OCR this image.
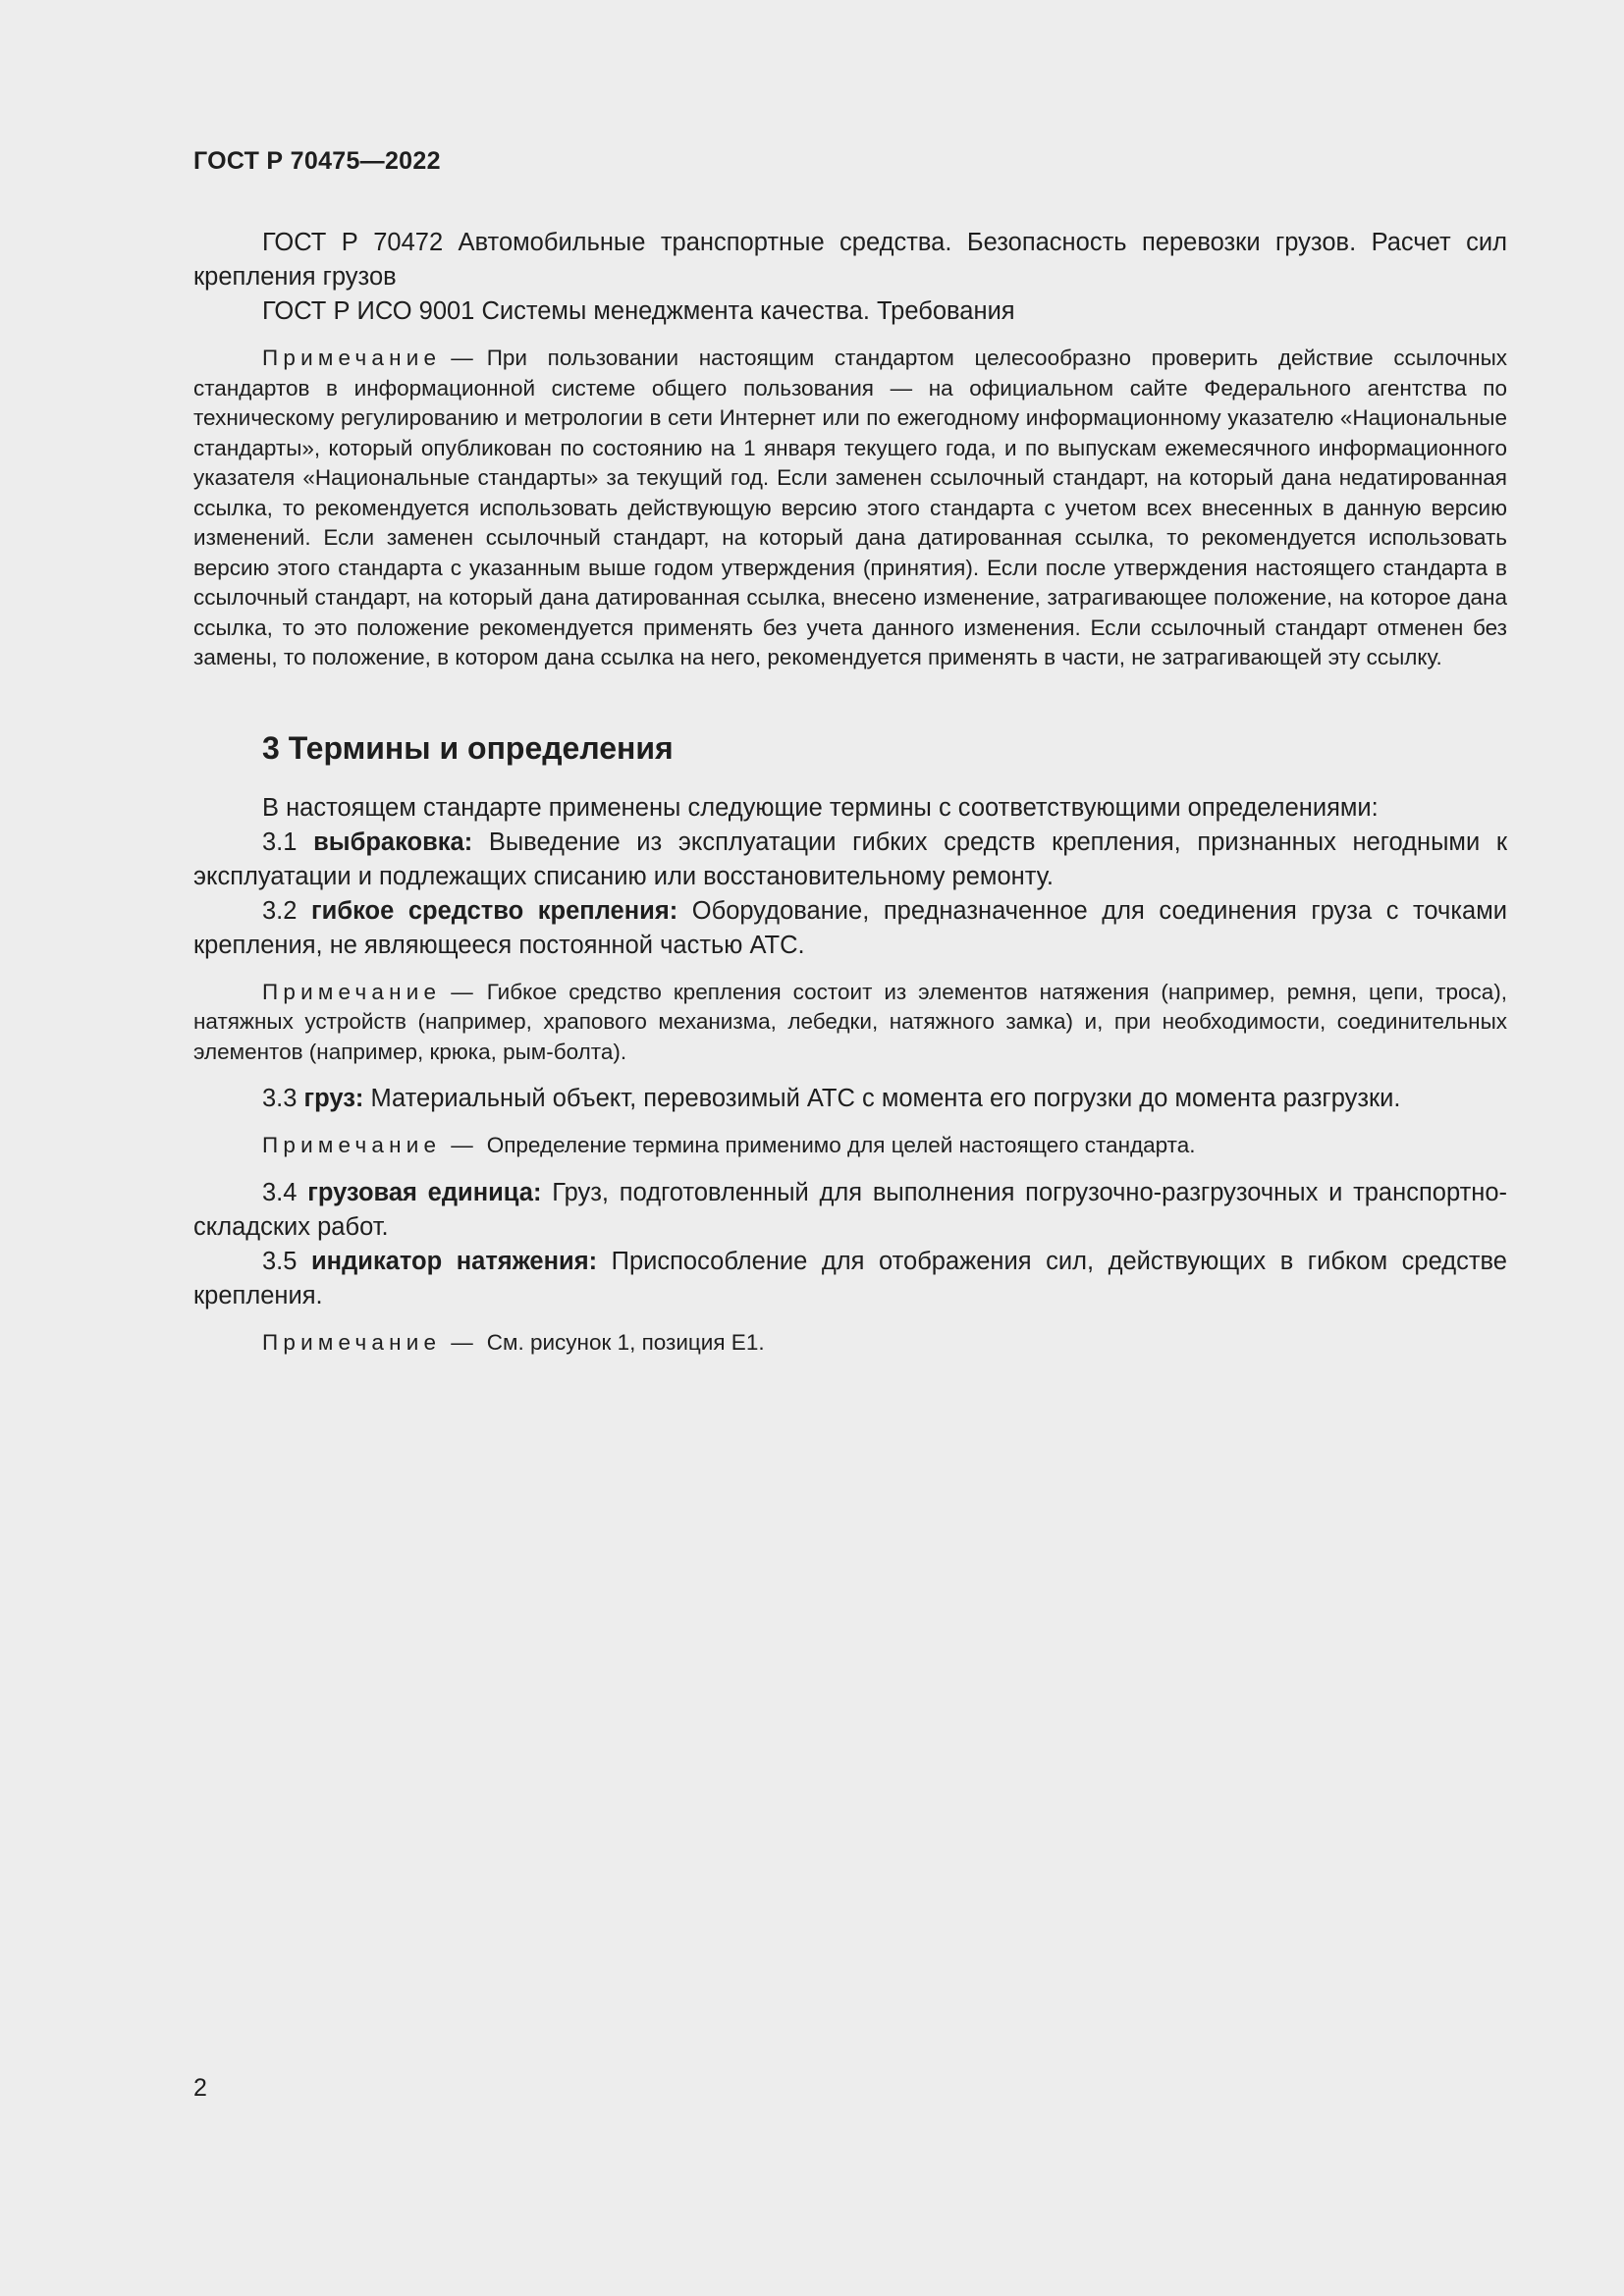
ГОСТ Р 70475—2022

ГОСТ Р 70472 Автомобильные транспортные средства. Безопасность перевозки грузов. Расчет сил крепления грузов

ГОСТ Р ИСО 9001 Системы менеджмента качества. Требования

Примечание — При пользовании настоящим стандартом целесообразно проверить действие ссылочных стандартов в информационной системе общего пользования — на официальном сайте Федерального агентства по техническому регулированию и метрологии в сети Интернет или по ежегодному информационному указателю «Национальные стандарты», который опубликован по состоянию на 1 января текущего года, и по выпускам ежемесячного информационного указателя «Национальные стандарты» за текущий год. Если заменен ссылочный стандарт, на который дана недатированная ссылка, то рекомендуется использовать действующую версию этого стандарта с учетом всех внесенных в данную версию изменений. Если заменен ссылочный стандарт, на который дана датированная ссылка, то рекомендуется использовать версию этого стандарта с указанным выше годом утверждения (принятия). Если после утверждения настоящего стандарта в ссылочный стандарт, на который дана датированная ссылка, внесено изменение, затрагивающее положение, на которое дана ссылка, то это положение рекомендуется применять без учета данного изменения. Если ссылочный стандарт отменен без замены, то положение, в котором дана ссылка на него, рекомендуется применять в части, не затрагивающей эту ссылку.

3 Термины и определения

В настоящем стандарте применены следующие термины с соответствующими определениями:

3.1 выбраковка: Выведение из эксплуатации гибких средств крепления, признанных негодными к эксплуатации и подлежащих списанию или восстановительному ремонту.

3.2 гибкое средство крепления: Оборудование, предназначенное для соединения груза с точками крепления, не являющееся постоянной частью АТС.

Примечание — Гибкое средство крепления состоит из элементов натяжения (например, ремня, цепи, троса), натяжных устройств (например, храпового механизма, лебедки, натяжного замка) и, при необходимости, соединительных элементов (например, крюка, рым-болта).

3.3 груз: Материальный объект, перевозимый АТС с момента его погрузки до момента разгрузки.

Примечание — Определение термина применимо для целей настоящего стандарта.

3.4 грузовая единица: Груз, подготовленный для выполнения погрузочно-разгрузочных и транспортно-складских работ.

3.5 индикатор натяжения: Приспособление для отображения сил, действующих в гибком средстве крепления.

Примечание — См. рисунок 1, позиция E1.

2
